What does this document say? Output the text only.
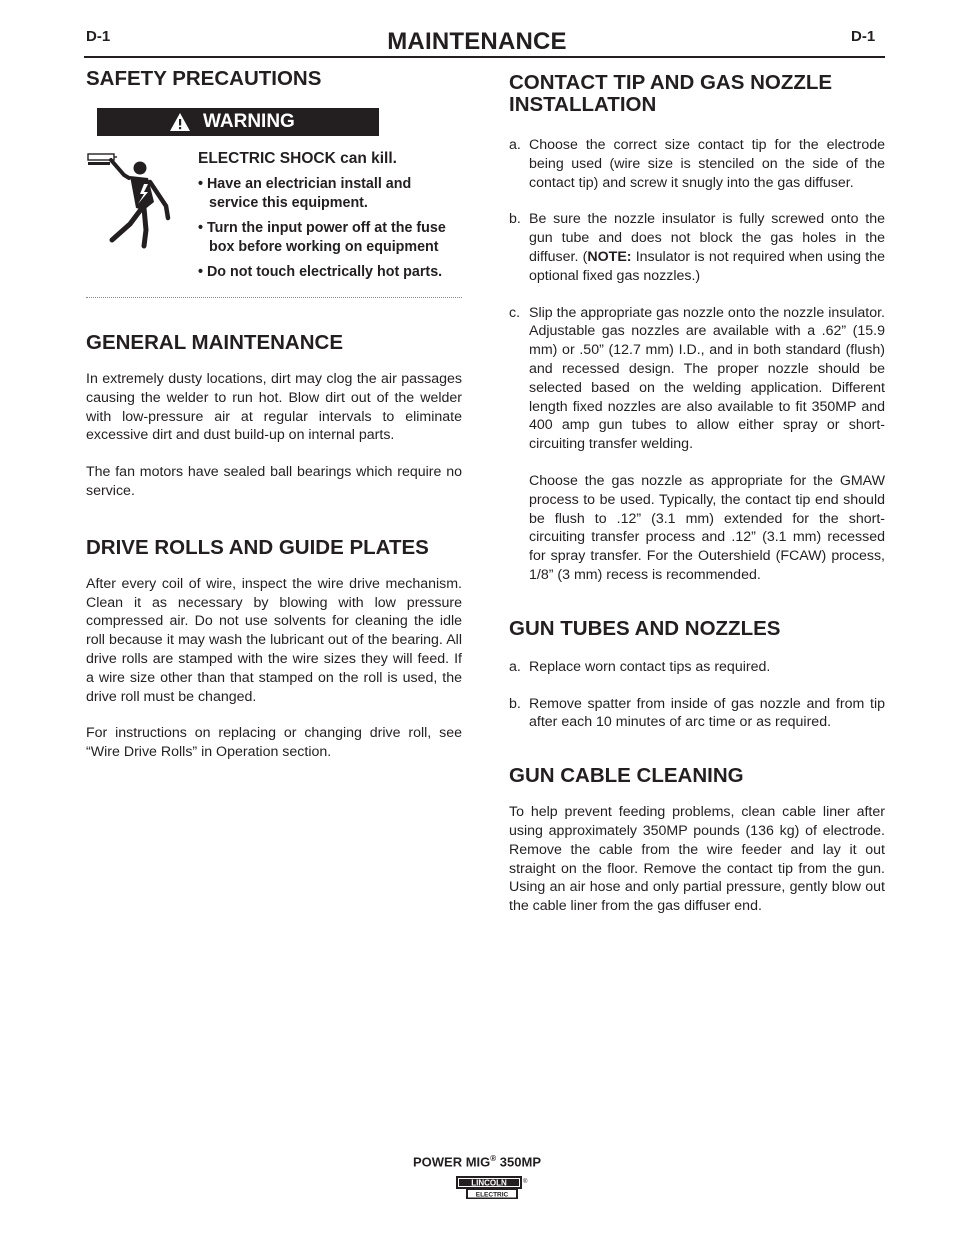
D-1	MAINTENANCE	D-1
SAFETY PRECAUTIONS
WARNING
ELECTRIC SHOCK can kill.
• Have an electrician install and service this equipment.
• Turn the input power off at the fuse box before working on equipment
• Do not touch electrically hot parts.
GENERAL MAINTENANCE

In extremely dusty locations, dirt may clog the air passages causing the welder to run hot. Blow dirt out of the welder with low-pressure air at regular intervals to eliminate excessive dirt and dust build-up on internal parts.

The fan motors have sealed ball bearings which require no service.

DRIVE ROLLS AND GUIDE PLATES

After every coil of wire, inspect the wire drive mechanism. Clean it as necessary by blowing with low pressure compressed air. Do not use solvents for cleaning the idle roll because it may wash the lubricant out of the bearing. All drive rolls are stamped with the wire sizes they will feed. If a wire size other than that stamped on the roll is used, the drive roll must be changed.

For instructions on replacing or changing drive roll, see “Wire Drive Rolls” in Operation section.

CONTACT TIP AND GAS NOZZLE INSTALLATION
a. Choose the correct size contact tip for the electrode being used (wire size is stenciled on the side of the contact tip) and screw it snugly into the gas diffuser.
b. Be sure the nozzle insulator is fully screwed onto the gun tube and does not block the gas holes in the diffuser. (NOTE: Insulator is not required when using the optional fixed gas nozzles.)
c. Slip the appropriate gas nozzle onto the nozzle insulator. Adjustable gas nozzles are available with a .62” (15.9 mm) or .50” (12.7 mm) I.D., and in both standard (flush) and recessed design. The proper nozzle should be selected based on the welding application. Different length fixed nozzles are also available to fit 350MP and 400 amp gun tubes to allow either spray or short-circuiting transfer welding.

Choose the gas nozzle as appropriate for the GMAW process to be used. Typically, the contact tip end should be flush to .12” (3.1 mm) extended for the short-circuiting transfer process and .12” (3.1 mm) recessed for spray transfer. For the Outershield (FCAW) process, 1/8” (3 mm) recess is recommended.

GUN TUBES AND NOZZLES
a. Replace worn contact tips as required.
b. Remove spatter from inside of gas nozzle and from tip after each 10 minutes of arc time or as required.
GUN CABLE CLEANING

To help prevent feeding problems, clean cable liner after using approximately 350MP pounds (136 kg) of electrode. Remove the cable from the wire feeder and lay it out straight on the floor. Remove the contact tip from the gun. Using an air hose and only partial pressure, gently blow out the cable liner from the gas diffuser end.

POWER MIG® 350MP
LINCOLN
ELECTRIC
®
